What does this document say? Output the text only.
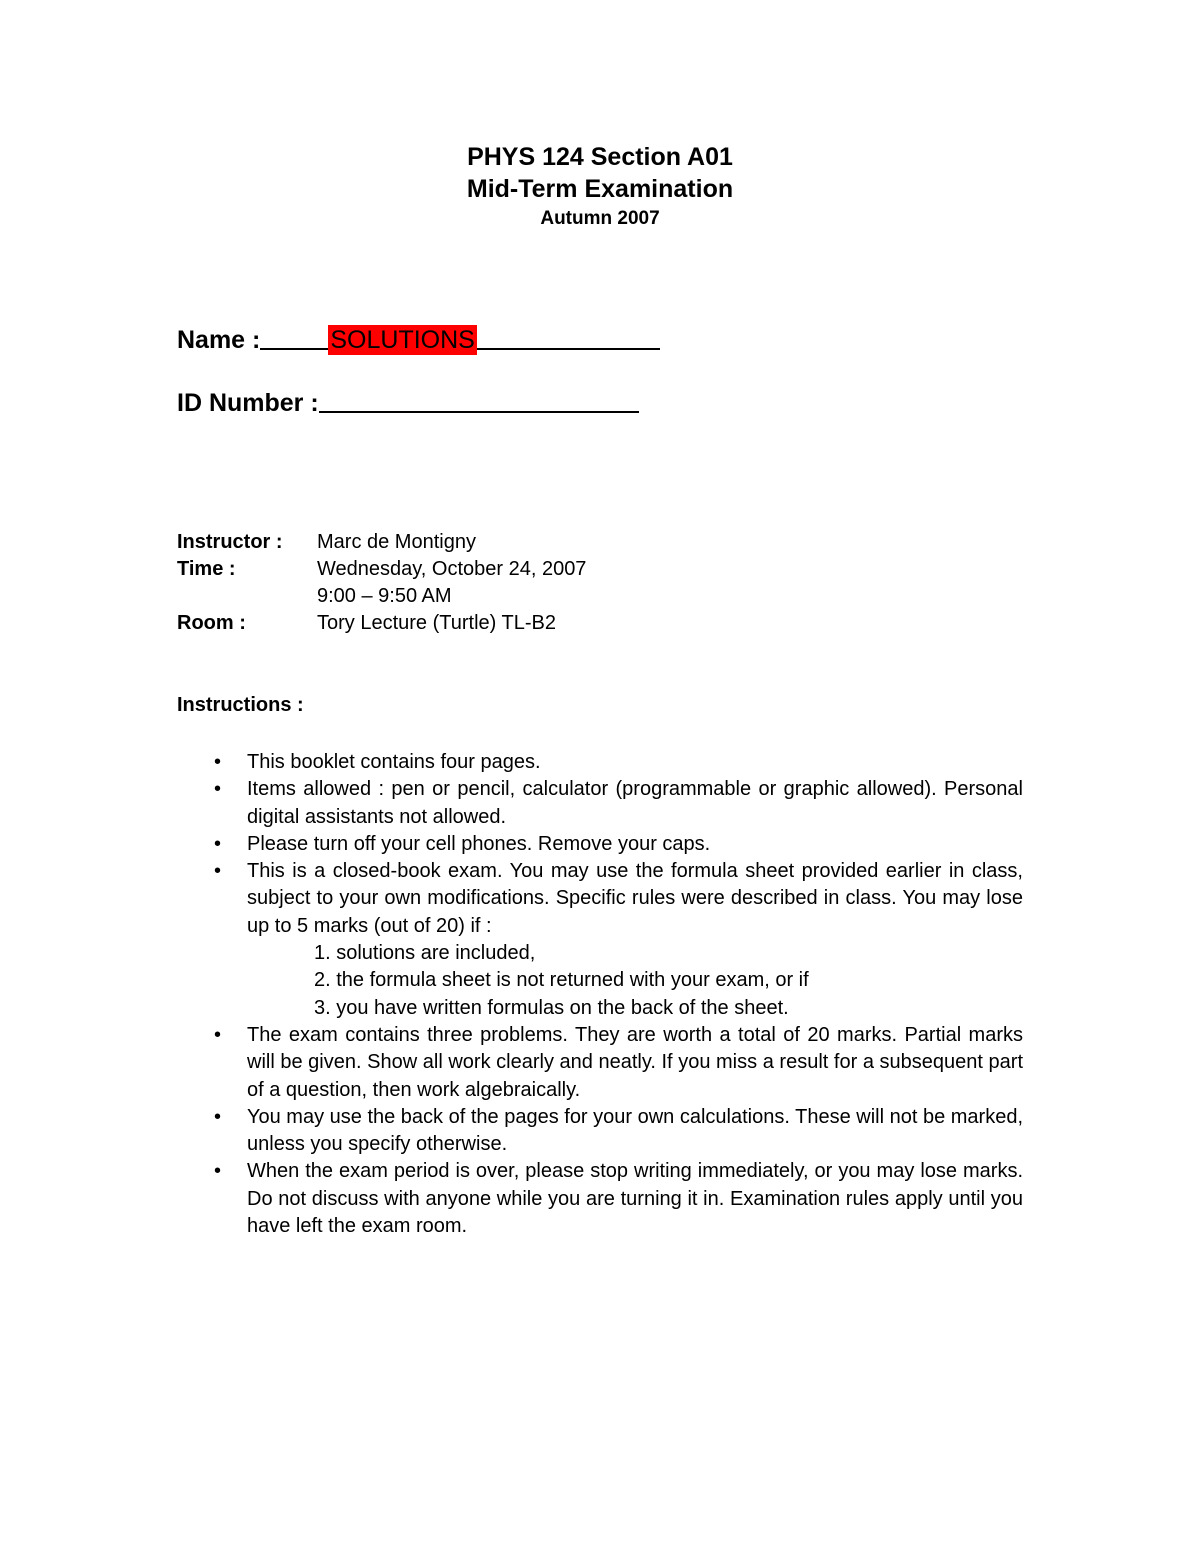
PHYS 124 Section A01
Mid-Term Examination
Autumn 2007
Name :	SOLUTIONS
ID Number :
Instructor :	Marc de Montigny
Time :	Wednesday, October 24, 2007
9:00 – 9:50 AM
Room :	Tory Lecture (Turtle) TL-B2
Instructions :
• This booklet contains four pages.
• Items allowed : pen or pencil, calculator (programmable or graphic allowed). Personal digital assistants not allowed.
• Please turn off your cell phones. Remove your caps.
• This is a closed-book exam. You may use the formula sheet provided earlier in class, subject to your own modifications. Specific rules were described in class. You may lose up to 5 marks (out of 20) if :
1. solutions are included,
2. the formula sheet is not returned with your exam, or if
3. you have written formulas on the back of the sheet.
• The exam contains three problems. They are worth a total of 20 marks. Partial marks will be given. Show all work clearly and neatly. If you miss a result for a subsequent part of a question, then work algebraically.
• You may use the back of the pages for your own calculations. These will not be marked, unless you specify otherwise.
• When the exam period is over, please stop writing immediately, or you may lose marks. Do not discuss with anyone while you are turning it in. Examination rules apply until you have left the exam room.
